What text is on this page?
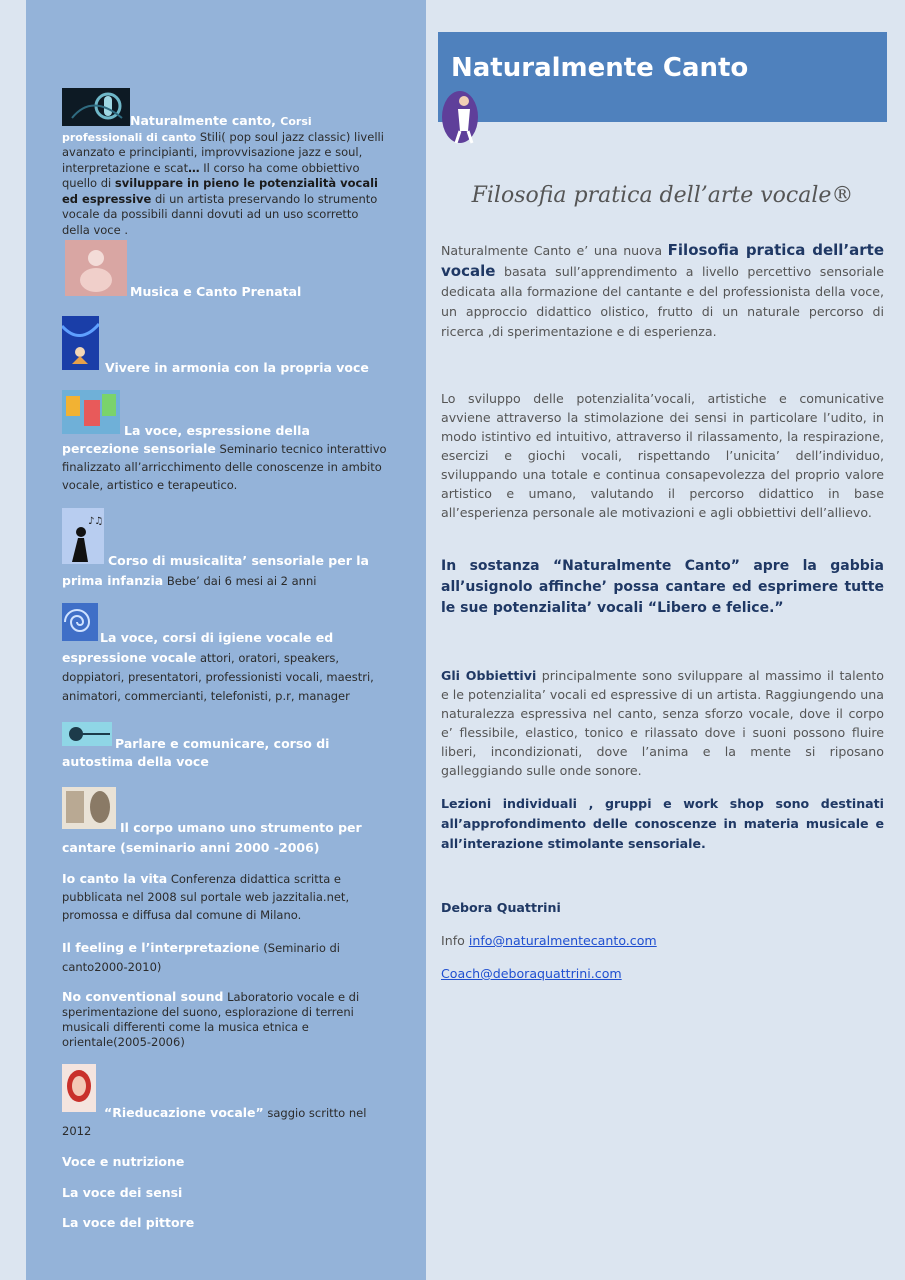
♪♫
Naturalmente canto, Corsi professionali di canto Stili( pop soul jazz classic) livelli avanzato e principianti, improvvisazione jazz e soul, interpretazione e scat… Il corso ha come obbiettivo quello di sviluppare in pieno le potenzialità vocali ed espressive di un artista preservando lo strumento vocale da possibili danni dovuti ad un uso scorretto della voce .
Musica e Canto Prenatal
Vivere in armonia con la propria voce
La voce, espressione della percezione sensoriale Seminario tecnico interattivo finalizzato all’arricchimento delle conoscenze in ambito vocale, artistico e terapeutico.
Corso di musicalita’ sensoriale per la prima infanzia Bebe’ dai 6 mesi ai 2 anni
La voce, corsi di igiene vocale ed espressione vocale attori, oratori, speakers, doppiatori, presentatori, professionisti vocali, maestri, animatori, commercianti, telefonisti, p.r, manager
Parlare e comunicare, corso di autostima della voce
Il corpo umano uno strumento per cantare (seminario anni 2000 -2006)
Io canto la vita Conferenza didattica scritta e pubblicata nel 2008 sul portale web jazzitalia.net, promossa e diffusa dal comune di Milano.
Il feeling e l’interpretazione (Seminario di canto2000-2010)
No conventional sound Laboratorio vocale e di sperimentazione del suono, esplorazione di terreni musicali differenti come la musica etnica e orientale(2005-2006)
“Rieducazione vocale” saggio scritto nel 2012
Voce e nutrizione
La voce dei sensi
La voce del pittore
Naturalmente Canto
Filosofia pratica dell’arte vocale®
Naturalmente Canto e’ una nuova Filosofia pratica dell’arte vocale basata sull’apprendimento a livello percettivo sensoriale dedicata alla formazione del cantante e del professionista della voce, un approccio didattico olistico, frutto di un naturale percorso di ricerca ,di sperimentazione e di esperienza.
Lo sviluppo delle potenzialita’vocali, artistiche e comunicative avviene attraverso la stimolazione dei sensi in particolare l’udito, in modo istintivo ed intuitivo, attraverso il rilassamento, la respirazione, esercizi e giochi vocali, rispettando l’unicita’ dell’individuo, sviluppando una totale e continua consapevolezza del proprio valore artistico e umano, valutando il percorso didattico in base all’esperienza personale ale motivazioni e agli obbiettivi dell’allievo.
In sostanza “Naturalmente Canto” apre la gabbia all’usignolo affinche’ possa cantare ed esprimere tutte le sue potenzialita’ vocali “Libero e felice.”
Gli Obbiettivi principalmente sono sviluppare al massimo il talento e le potenzialita’ vocali ed espressive di un artista. Raggiungendo una naturalezza espressiva nel canto, senza sforzo vocale, dove il corpo e’ flessibile, elastico, tonico e rilassato dove i suoni possono fluire liberi, incondizionati, dove l’anima e la mente si riposano galleggiando sulle onde sonore.
Lezioni individuali , gruppi e work shop sono destinati all’approfondimento delle conoscenze in materia musicale e all’interazione stimolante sensoriale.
Debora Quattrini
Info info@naturalmentecanto.com
Coach@deboraquattrini.com
